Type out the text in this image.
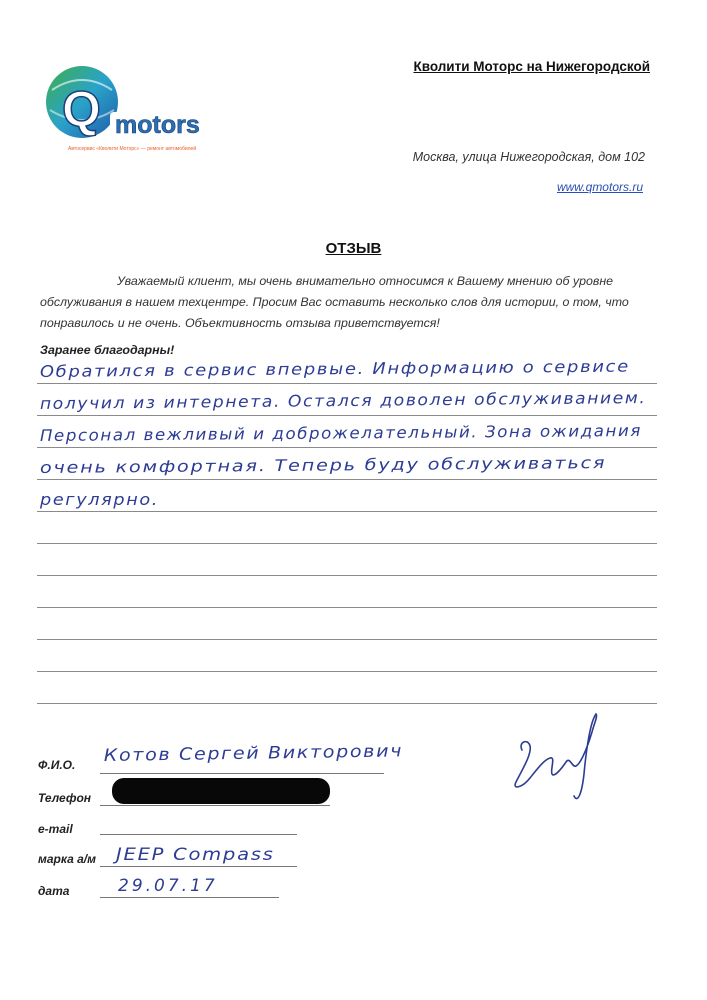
Q motors
Автосервис «Кволити Моторс» — ремонт автомобилей
Кволити Моторс на Нижегородской
Москва, улица Нижегородская, дом 102
www.qmotors.ru
ОТЗЫВ
Уважаемый клиент, мы очень внимательно относимся к Вашему мнению об уровне обслуживания в нашем техцентре. Просим Вас оставить несколько слов для истории, о том, что понравилось и не очень. Объективность отзыва приветствуется!
Заранее благодарны!
Обратился в сервис впервые. Информацию о сервисе
получил из интернета. Остался доволен обслуживанием.
Персонал вежливый и доброжелательный. Зона ожидания
очень комфортная. Теперь буду обслуживаться
регулярно.
Ф.И.О. Котов Сергей Викторович
Телефон
e-mail
марка а/м JEEP Compass
дата	29.07.17
